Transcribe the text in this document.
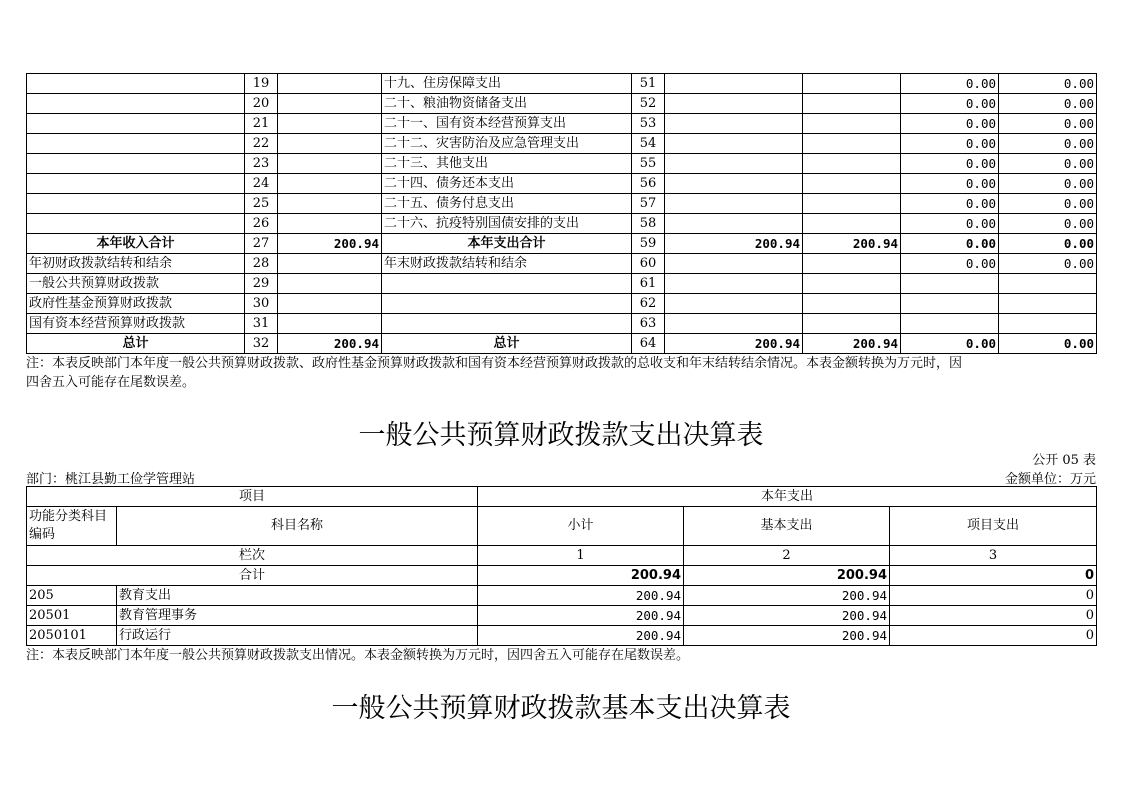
	19		十九、住房保障支出	51			0.00	0.00
	20		二十、粮油物资储备支出	52			0.00	0.00
	21		二十一、国有资本经营预算支出	53			0.00	0.00
	22		二十二、灾害防治及应急管理支出	54			0.00	0.00
	23		二十三、其他支出	55			0.00	0.00
	24		二十四、债务还本支出	56			0.00	0.00
	25		二十五、债务付息支出	57			0.00	0.00
	26		二十六、抗疫特别国债安排的支出	58			0.00	0.00
本年收入合计	27	200.94	本年支出合计	59	200.94	200.94	0.00	0.00
年初财政拨款结转和结余	28		年末财政拨款结转和结余	60			0.00	0.00
一般公共预算财政拨款	29			61				
政府性基金预算财政拨款	30			62				
国有资本经营预算财政拨款	31			63				
总计	32	200.94	总计	64	200.94	200.94	0.00	0.00
注：本表反映部门本年度一般公共预算财政拨款、政府性基金预算财政拨款和国有资本经营预算财政拨款的总收支和年末结转结余情况。本表金额转换为万元时，因
四舍五入可能存在尾数误差。
一般公共预算财政拨款支出决算表
公开 05 表
部门：桃江县勤工俭学管理站	金额单位：万元
项目		本年支出		
功能分类科目编码	科目名称	小计	基本支出	项目支出
栏次		1	2	3
合计		200.94	200.94	0
205	教育支出	200.94	200.94	0
20501	教育管理事务	200.94	200.94	0
2050101	行政运行	200.94	200.94	0
注：本表反映部门本年度一般公共预算财政拨款支出情况。本表金额转换为万元时，因四舍五入可能存在尾数误差。
一般公共预算财政拨款基本支出决算表
